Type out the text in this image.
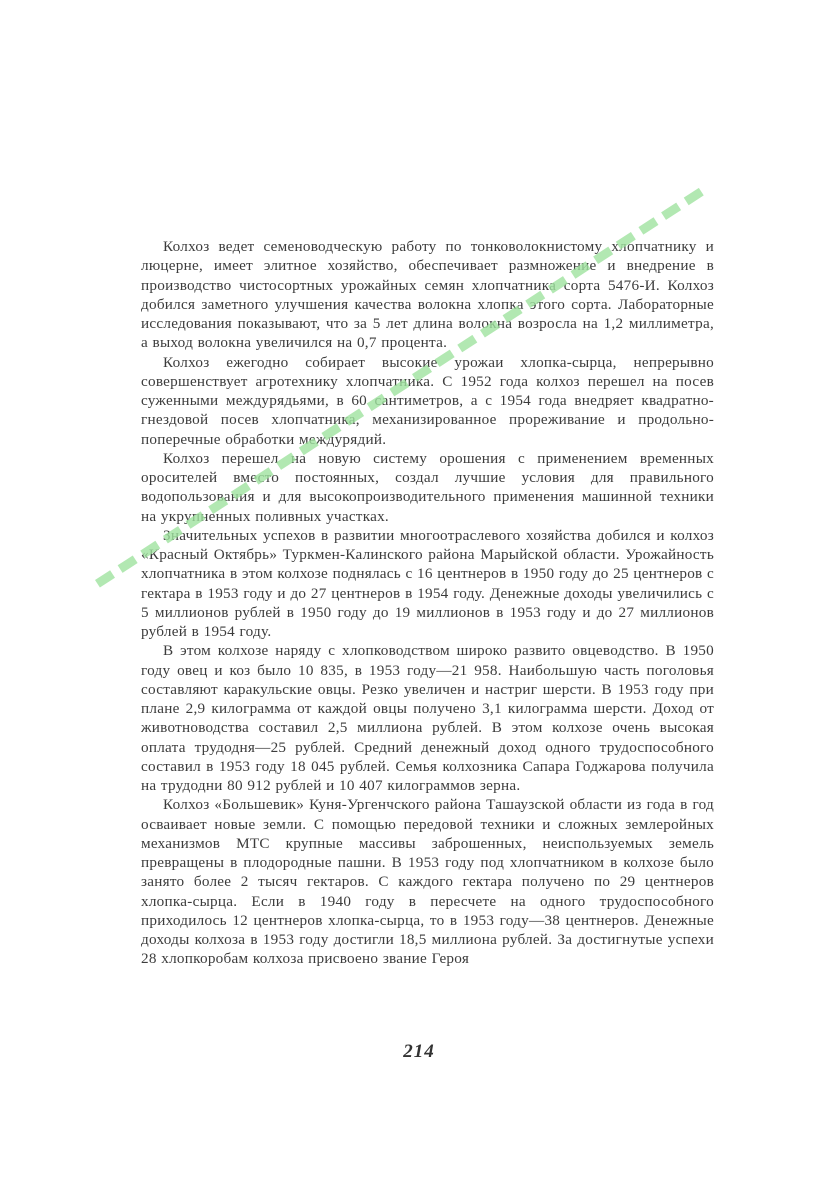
Колхоз ведет семеноводческую работу по тонковолокнистому хлопчатнику и люцерне, имеет элитное хозяйство, обеспечивает размножение и внедрение в производство чистосортных урожайных семян хлопчатника сорта 5476-И. Колхоз добился заметного улучшения качества волокна хлопка этого сорта. Лабораторные исследования показывают, что за 5 лет длина волокна возросла на 1,2 миллиметра, а выход волокна увеличился на 0,7 процента.

Колхоз ежегодно собирает высокие урожаи хлопка-сырца, непрерывно совершенствует агротехнику хлопчатника. С 1952 года колхоз перешел на посев суженными междурядьями, в 60 сантиметров, а с 1954 года внедряет квадратно-гнездовой посев хлопчатника, механизированное прореживание и продольно-поперечные обработки междурядий.

Колхоз перешел на новую систему орошения с применением временных оросителей вместо постоянных, создал лучшие условия для правильного водопользования и для высокопроизводительного применения машинной техники на укрупненных поливных участках.

Значительных успехов в развитии многоотраслевого хозяйства добился и колхоз «Красный Октябрь» Туркмен-Калинского района Марыйской области. Урожайность хлопчатника в этом колхозе поднялась с 16 центнеров в 1950 году до 25 центнеров с гектара в 1953 году и до 27 центнеров в 1954 году. Денежные доходы увеличились с 5 миллионов рублей в 1950 году до 19 миллионов в 1953 году и до 27 миллионов рублей в 1954 году.

В этом колхозе наряду с хлопководством широко развито овцеводство. В 1950 году овец и коз было 10 835, в 1953 году—21 958. Наибольшую часть поголовья составляют каракульские овцы. Резко увеличен и настриг шерсти. В 1953 году при плане 2,9 килограмма от каждой овцы получено 3,1 килограмма шерсти. Доход от животноводства составил 2,5 миллиона рублей. В этом колхозе очень высокая оплата трудодня—25 рублей. Средний денежный доход одного трудоспособного составил в 1953 году 18 045 рублей. Семья колхозника Сапара Годжарова получила на трудодни 80 912 рублей и 10 407 килограммов зерна.

Колхоз «Большевик» Куня-Ургенчского района Ташаузской области из года в год осваивает новые земли. С помощью передовой техники и сложных землеройных механизмов МТС крупные массивы заброшенных, неиспользуемых земель превращены в плодородные пашни. В 1953 году под хлопчатником в колхозе было занято более 2 тысяч гектаров. С каждого гектара получено по 29 центнеров хлопка-сырца. Если в 1940 году в пересчете на одного трудоспособного приходилось 12 центнеров хлопка-сырца, то в 1953 году—38 центнеров. Денежные доходы колхоза в 1953 году достигли 18,5 миллиона рублей. За достигнутые успехи 28 хлопкоробам колхоза присвоено звание Героя

214
